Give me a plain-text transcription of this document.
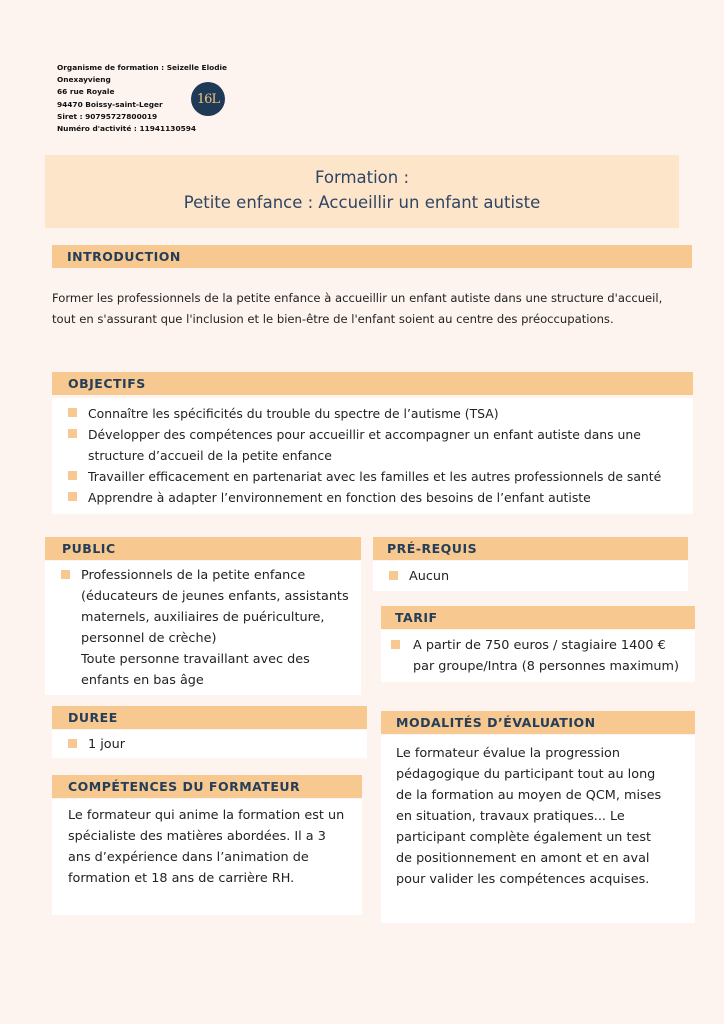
Organisme de formation : Seizelle Elodie
Onexayvieng
66 rue Royale
94470 Boissy-saint-Leger
Siret : 90795727800019
Numéro d'activité : 11941130594
16L
Formation :
Petite enfance : Accueillir un enfant autiste
INTRODUCTION
Former les professionnels de la petite enfance à accueillir un enfant autiste dans une structure d'accueil,
tout en s'assurant que l'inclusion et le bien-être de l'enfant soient au centre des préoccupations.
OBJECTIFS
Connaître les spécificités du trouble du spectre de l’autisme (TSA)
Développer des compétences pour accueillir et accompagner un enfant autiste dans une structure d’accueil de la petite enfance
Travailler efficacement en partenariat avec les familles et les autres professionnels de santé
Apprendre à adapter l’environnement en fonction des besoins de l’enfant autiste
PUBLIC
Professionnels de la petite enfance (éducateurs de jeunes enfants, assistants maternels, auxiliaires de puériculture, personnel de crèche)
Toute personne travaillant avec des enfants en bas âge
PRÉ-REQUIS
Aucun
TARIF
A partir de 750 euros / stagiaire 1400 € par groupe/Intra (8 personnes maximum)
DUREE
1 jour
MODALITÉS D’ÉVALUATION
Le formateur évalue la progression pédagogique du participant tout au long de la formation au moyen de QCM, mises en situation, travaux pratiques... Le participant complète également un test de positionnement en amont et en aval pour valider les compétences acquises.
COMPÉTENCES DU FORMATEUR
Le formateur qui anime la formation est un spécialiste des matières abordées. Il a 3 ans d’expérience dans l’animation de formation et 18 ans de carrière RH.
